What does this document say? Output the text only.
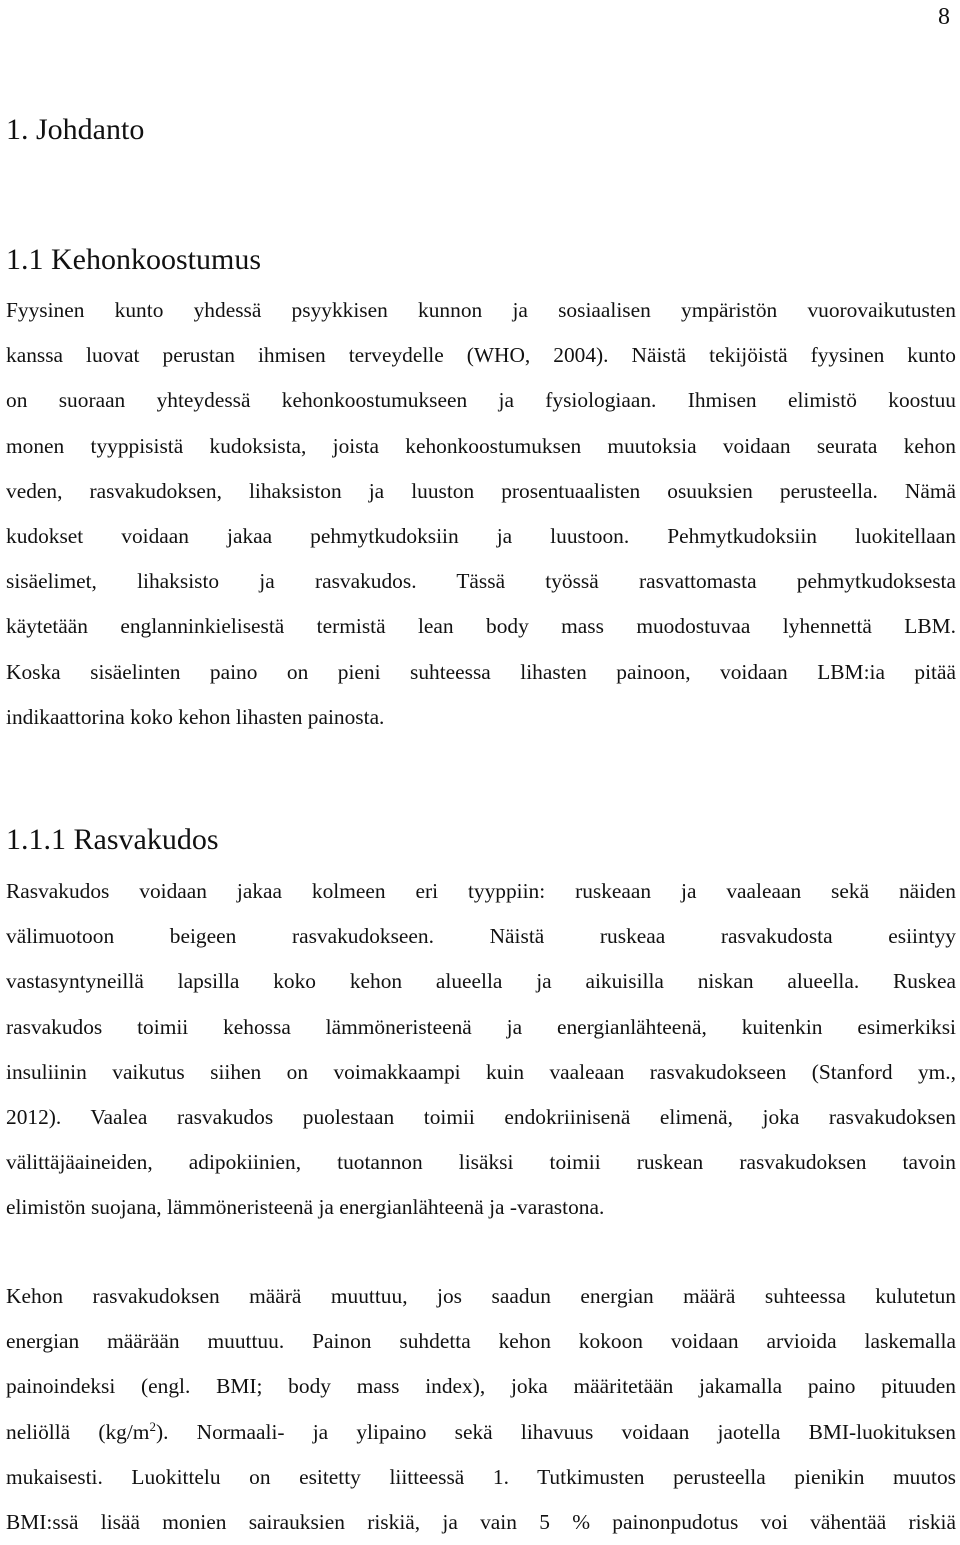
8
1. Johdanto
1.1 Kehonkoostumus

Fyysinen kunto yhdessä psyykkisen kunnon ja sosiaalisen ympäristön vuorovaikutusten
kanssa luovat perustan ihmisen terveydelle (WHO, 2004). Näistä tekijöistä fyysinen kunto
on suoraan yhteydessä kehonkoostumukseen ja fysiologiaan. Ihmisen elimistö koostuu
monen tyyppisistä kudoksista, joista kehonkoostumuksen muutoksia voidaan seurata kehon
veden, rasvakudoksen, lihaksiston ja luuston prosentuaalisten osuuksien perusteella. Nämä
kudokset voidaan jakaa pehmytkudoksiin ja luustoon. Pehmytkudoksiin luokitellaan
sisäelimet, lihaksisto ja rasvakudos. Tässä työssä rasvattomasta pehmytkudoksesta
käytetään englanninkielisestä termistä lean body mass muodostuvaa lyhennettä LBM.
Koska sisäelinten paino on pieni suhteessa lihasten painoon, voidaan LBM:ia pitää
indikaattorina koko kehon lihasten painosta.

1.1.1 Rasvakudos

Rasvakudos voidaan jakaa kolmeen eri tyyppiin: ruskeaan ja vaaleaan sekä näiden
välimuotoon beigeen rasvakudokseen. Näistä ruskeaa rasvakudosta esiintyy
vastasyntyneillä lapsilla koko kehon alueella ja aikuisilla niskan alueella. Ruskea
rasvakudos toimii kehossa lämmöneristeenä ja energianlähteenä, kuitenkin esimerkiksi
insuliinin vaikutus siihen on voimakkaampi kuin vaaleaan rasvakudokseen (Stanford ym.,
2012). Vaalea rasvakudos puolestaan toimii endokriinisenä elimenä, joka rasvakudoksen
välittäjäaineiden, adipokiinien, tuotannon lisäksi toimii ruskean rasvakudoksen tavoin
elimistön suojana, lämmöneristeenä ja energianlähteenä ja -varastona.

Kehon rasvakudoksen määrä muuttuu, jos saadun energian määrä suhteessa kulutetun
energian määrään muuttuu. Painon suhdetta kehon kokoon voidaan arvioida laskemalla
painoindeksi (engl. BMI; body mass index), joka määritetään jakamalla paino pituuden
neliöllä $(kg/m^2)$. Normaali- ja ylipaino sekä lihavuus voidaan jaotella BMI-luokituksen
mukaisesti. Luokittelu on esitetty liitteessä 1. Tutkimusten perusteella pienikin muutos
BMI:ssä lisää monien sairauksien riskiä, ja vain 5 % painonpudotus voi vähentää riskiä
